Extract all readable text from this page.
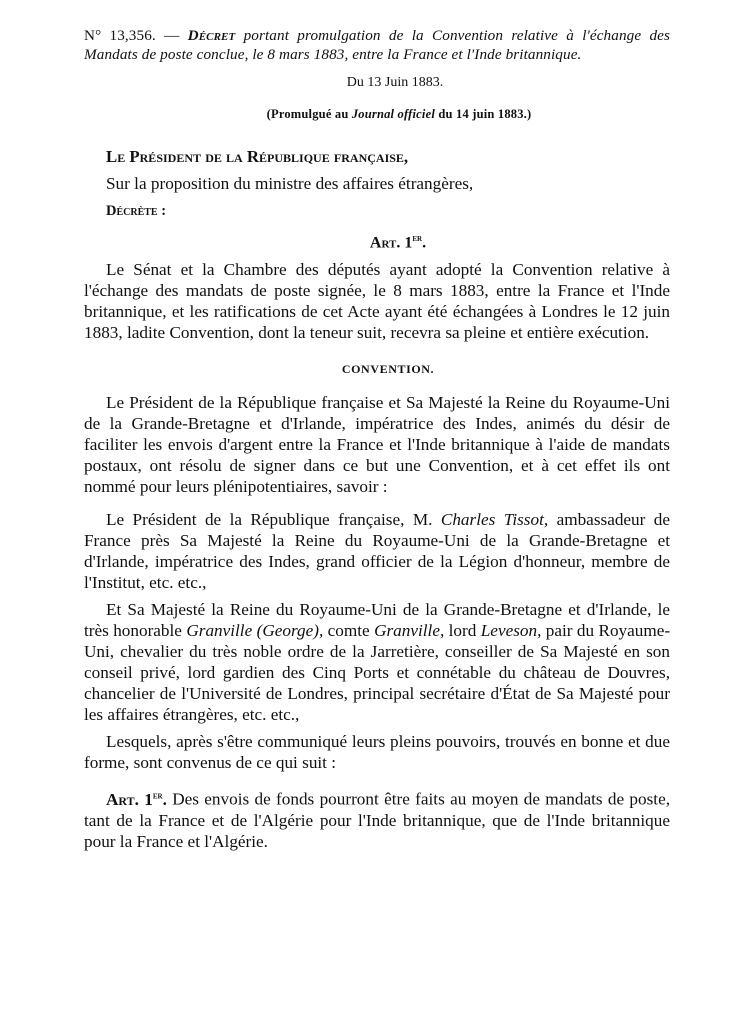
N° 13,356. — Décret portant promulgation de la Convention relative à l'échange des Mandats de poste conclue, le 8 mars 1883, entre la France et l'Inde britannique.
Du 13 Juin 1883.
(Promulgué au Journal officiel du 14 juin 1883.)
Le Président de la République française,
Sur la proposition du ministre des affaires étrangères,
Décrète :
Art. 1er.
Le Sénat et la Chambre des députés ayant adopté la Convention relative à l'échange des mandats de poste signée, le 8 mars 1883, entre la France et l'Inde britannique, et les ratifications de cet Acte ayant été échangées à Londres le 12 juin 1883, ladite Convention, dont la teneur suit, recevra sa pleine et entière exécution.
CONVENTION.
Le Président de la République française et Sa Majesté la Reine du Royaume-Uni de la Grande-Bretagne et d'Irlande, impératrice des Indes, animés du désir de faciliter les envois d'argent entre la France et l'Inde britannique à l'aide de mandats postaux, ont résolu de signer dans ce but une Convention, et à cet effet ils ont nommé pour leurs plénipotentiaires, savoir :
Le Président de la République française, M. Charles Tissot, ambassadeur de France près Sa Majesté la Reine du Royaume-Uni de la Grande-Bretagne et d'Irlande, impératrice des Indes, grand officier de la Légion d'honneur, membre de l'Institut, etc. etc.,
Et Sa Majesté la Reine du Royaume-Uni de la Grande-Bretagne et d'Irlande, le très honorable Granville (George), comte Granville, lord Leveson, pair du Royaume-Uni, chevalier du très noble ordre de la Jarretière, conseiller de Sa Majesté en son conseil privé, lord gardien des Cinq Ports et connétable du château de Douvres, chancelier de l'Université de Londres, principal secrétaire d'État de Sa Majesté pour les affaires étrangères, etc. etc.,
Lesquels, après s'être communiqué leurs pleins pouvoirs, trouvés en bonne et due forme, sont convenus de ce qui suit :
Art. 1er. Des envois de fonds pourront être faits au moyen de mandats de poste, tant de la France et de l'Algérie pour l'Inde britannique, que de l'Inde britannique pour la France et l'Algérie.
